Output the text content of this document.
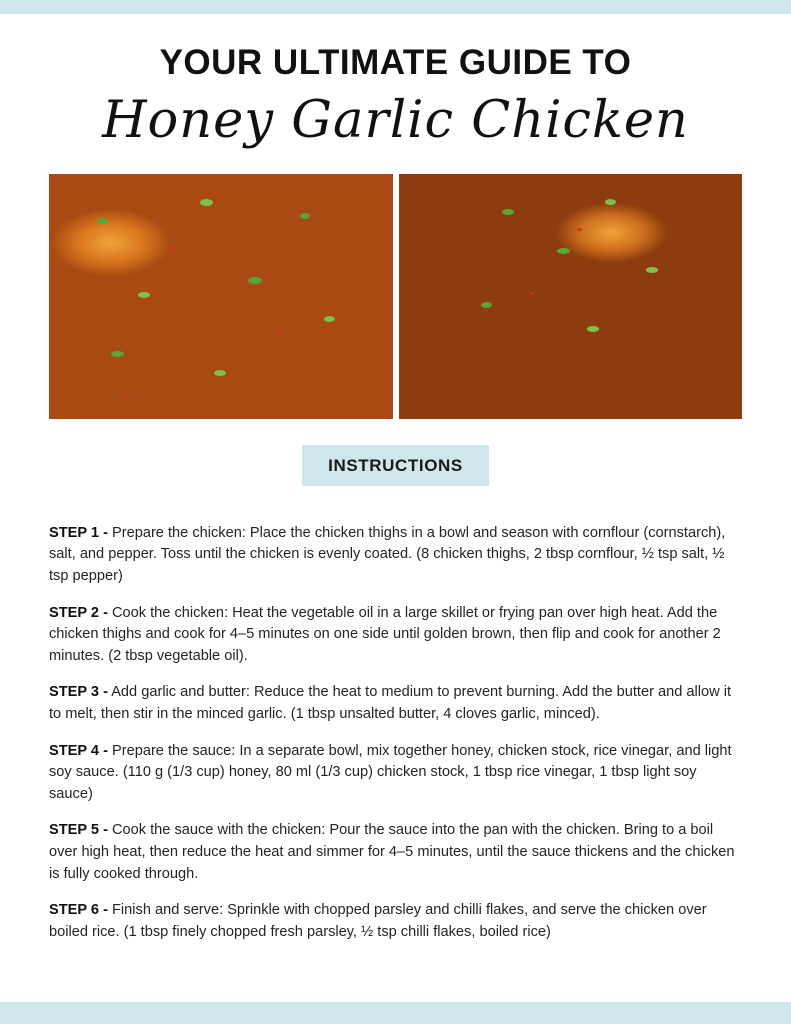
YOUR ULTIMATE GUIDE TO
Honey Garlic Chicken
INSTRUCTIONS

STEP 1 - Prepare the chicken: Place the chicken thighs in a bowl and season with cornflour (cornstarch), salt, and pepper. Toss until the chicken is evenly coated. (8 chicken thighs, 2 tbsp cornflour, ½ tsp salt, ½ tsp pepper)

STEP 2 - Cook the chicken: Heat the vegetable oil in a large skillet or frying pan over high heat. Add the chicken thighs and cook for 4–5 minutes on one side until golden brown, then flip and cook for another 2 minutes. (2 tbsp vegetable oil).

STEP 3 - Add garlic and butter: Reduce the heat to medium to prevent burning. Add the butter and allow it to melt, then stir in the minced garlic. (1 tbsp unsalted butter, 4 cloves garlic, minced).

STEP 4 - Prepare the sauce: In a separate bowl, mix together honey, chicken stock, rice vinegar, and light soy sauce. (110 g (1/3 cup) honey, 80 ml (1/3 cup) chicken stock, 1 tbsp rice vinegar, 1 tbsp light soy sauce)

STEP 5 - Cook the sauce with the chicken: Pour the sauce into the pan with the chicken. Bring to a boil over high heat, then reduce the heat and simmer for 4–5 minutes, until the sauce thickens and the chicken is fully cooked through.

STEP 6 - Finish and serve: Sprinkle with chopped parsley and chilli flakes, and serve the chicken over boiled rice. (1 tbsp finely chopped fresh parsley, ½ tsp chilli flakes, boiled rice)
